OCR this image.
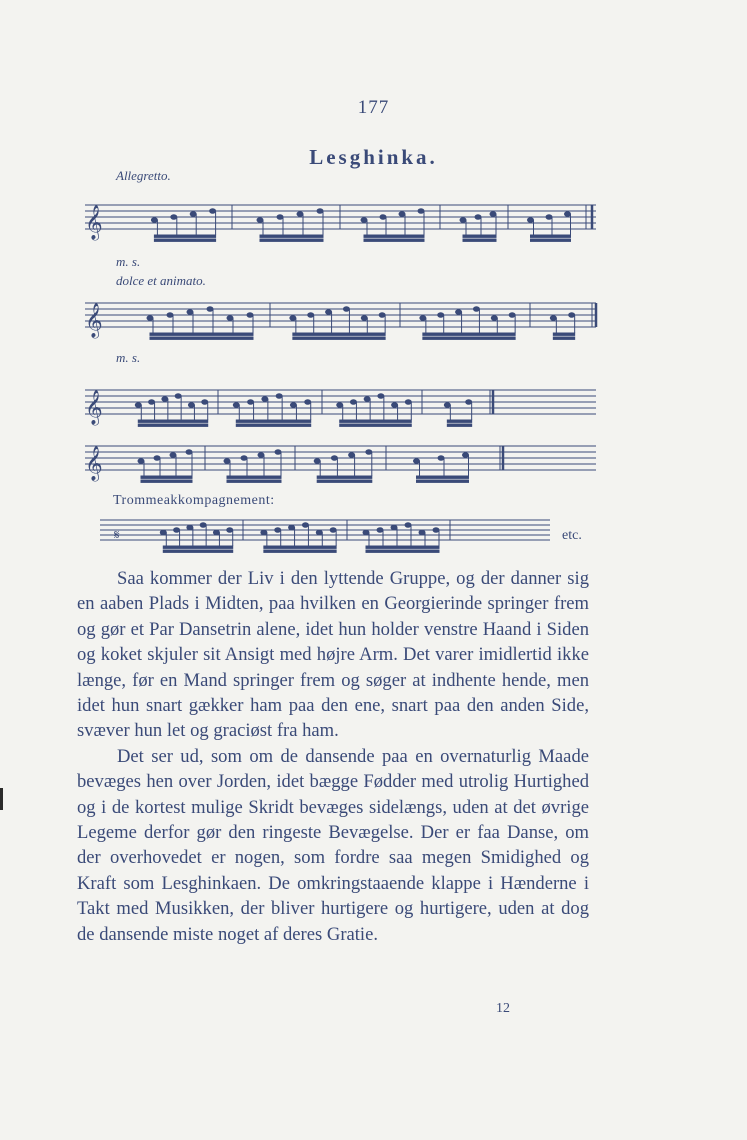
177
Lesghinka.
Allegretto.
m. s.
dolce et animato.
m. s.
𝄞
𝄞
𝄞
𝄞
𝄋
Trommeakkompagnement:
etc.

Saa kommer der Liv i den lyttende Gruppe, og der danner sig en aaben Plads i Midten, paa hvilken en Georgierinde springer frem og gør et Par Dansetrin alene, idet hun holder venstre Haand i Siden og koket skjuler sit Ansigt med højre Arm. Det varer imidlertid ikke længe, før en Mand springer frem og søger at indhente hende, men idet hun snart gækker ham paa den ene, snart paa den anden Side, svæver hun let og graciøst fra ham.

Det ser ud, som om de dansende paa en overnaturlig Maade bevæges hen over Jorden, idet bægge Fødder med utrolig Hurtighed og i de kortest mulige Skridt bevæges sidelængs, uden at det øvrige Legeme derfor gør den ringeste Bevægelse. Der er faa Danse, om der overhovedet er nogen, som fordre saa megen Smidighed og Kraft som Lesghinkaen. De omkringstaaende klappe i Hænderne i Takt med Musikken, der bliver hurtigere og hurtigere, uden at dog de dansende miste noget af deres Gratie.

12
